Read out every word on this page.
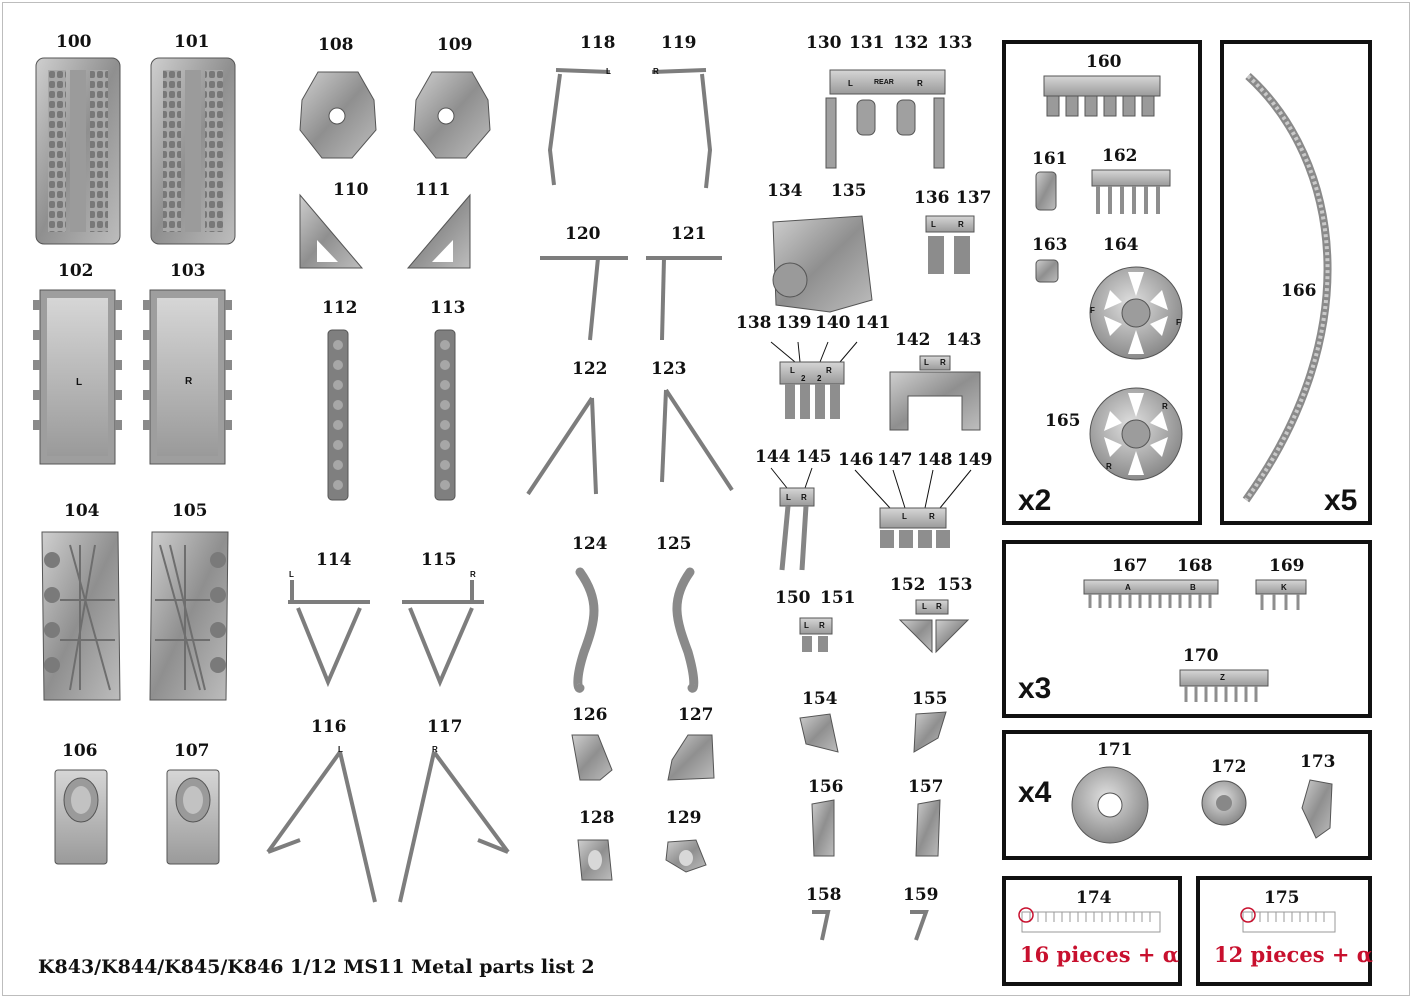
100	101
102	103
104	105
106	107
108	109
110	111
112	113
114	115
116	117
118	119
120	121
122	123
124	125
126	127
128	129
130 131 132 133
134 135	136 137
138 139 140 141
142 143
144 145 146 147 148 149
150 151
152 153
154	155
156	157
158	159
L	R
L	R
L	R
L	R
L	REAR	R
L	R
L
2 2
R
L R
L R
L	R
L R
L R
F
F
R
R
A	B	K
Z
160
161 162
163 164
165
x2
166
x5
167 168	169
170
x3
171
172	173
x4
174
16 pieces + α
175
12 pieces + α
K843/K844/K845/K846 1/12 MS11 Metal parts list 2
